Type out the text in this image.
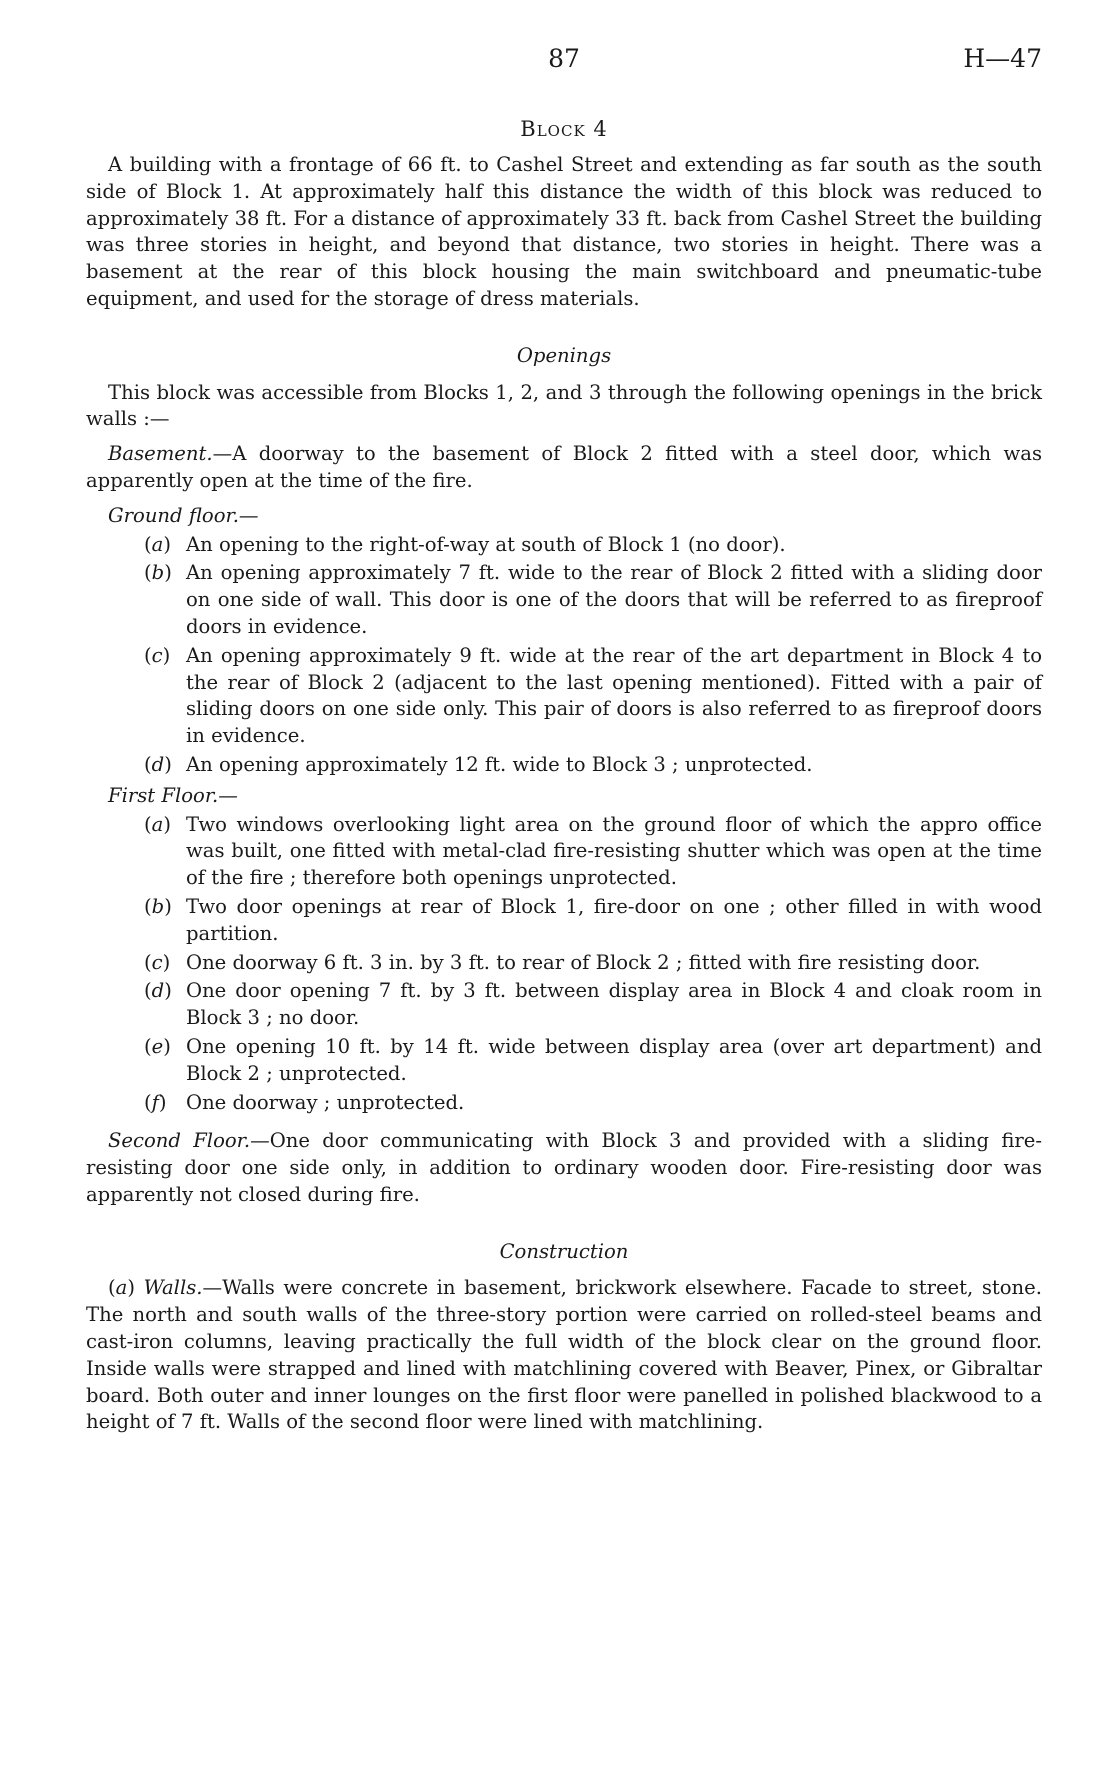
87	H—47
Block 4

A building with a frontage of 66 ft. to Cashel Street and extending as far south as the south side of Block 1. At approximately half this distance the width of this block was reduced to approximately 38 ft. For a distance of approximately 33 ft. back from Cashel Street the building was three stories in height, and beyond that distance, two stories in height. There was a basement at the rear of this block housing the main switchboard and pneumatic-tube equipment, and used for the storage of dress materials.

Openings

This block was accessible from Blocks 1, 2, and 3 through the following openings in the brick walls :—

Basement.—A doorway to the basement of Block 2 fitted with a steel door, which was apparently open at the time of the fire.

Ground floor.—
(a) An opening to the right-of-way at south of Block 1 (no door).
(b) An opening approximately 7 ft. wide to the rear of Block 2 fitted with a sliding door on one side of wall. This door is one of the doors that will be referred to as fireproof doors in evidence.
(c) An opening approximately 9 ft. wide at the rear of the art department in Block 4 to the rear of Block 2 (adjacent to the last opening mentioned). Fitted with a pair of sliding doors on one side only. This pair of doors is also referred to as fireproof doors in evidence.
(d) An opening approximately 12 ft. wide to Block 3 ; unprotected.
First Floor.—
(a) Two windows overlooking light area on the ground floor of which the appro office was built, one fitted with metal-clad fire-resisting shutter which was open at the time of the fire ; therefore both openings unprotected.
(b) Two door openings at rear of Block 1, fire-door on one ; other filled in with wood partition.
(c) One doorway 6 ft. 3 in. by 3 ft. to rear of Block 2 ; fitted with fire resisting door.
(d) One door opening 7 ft. by 3 ft. between display area in Block 4 and cloak room in Block 3 ; no door.
(e) One opening 10 ft. by 14 ft. wide between display area (over art department) and Block 2 ; unprotected.
(f) One doorway ; unprotected.

Second Floor.—One door communicating with Block 3 and provided with a sliding fire-resisting door one side only, in addition to ordinary wooden door. Fire-resisting door was apparently not closed during fire.

Construction

(a) Walls.—Walls were concrete in basement, brickwork elsewhere. Facade to street, stone. The north and south walls of the three-story portion were carried on rolled-steel beams and cast-iron columns, leaving practically the full width of the block clear on the ground floor. Inside walls were strapped and lined with matchlining covered with Beaver, Pinex, or Gibraltar board. Both outer and inner lounges on the first floor were panelled in polished blackwood to a height of 7 ft. Walls of the second floor were lined with matchlining.
